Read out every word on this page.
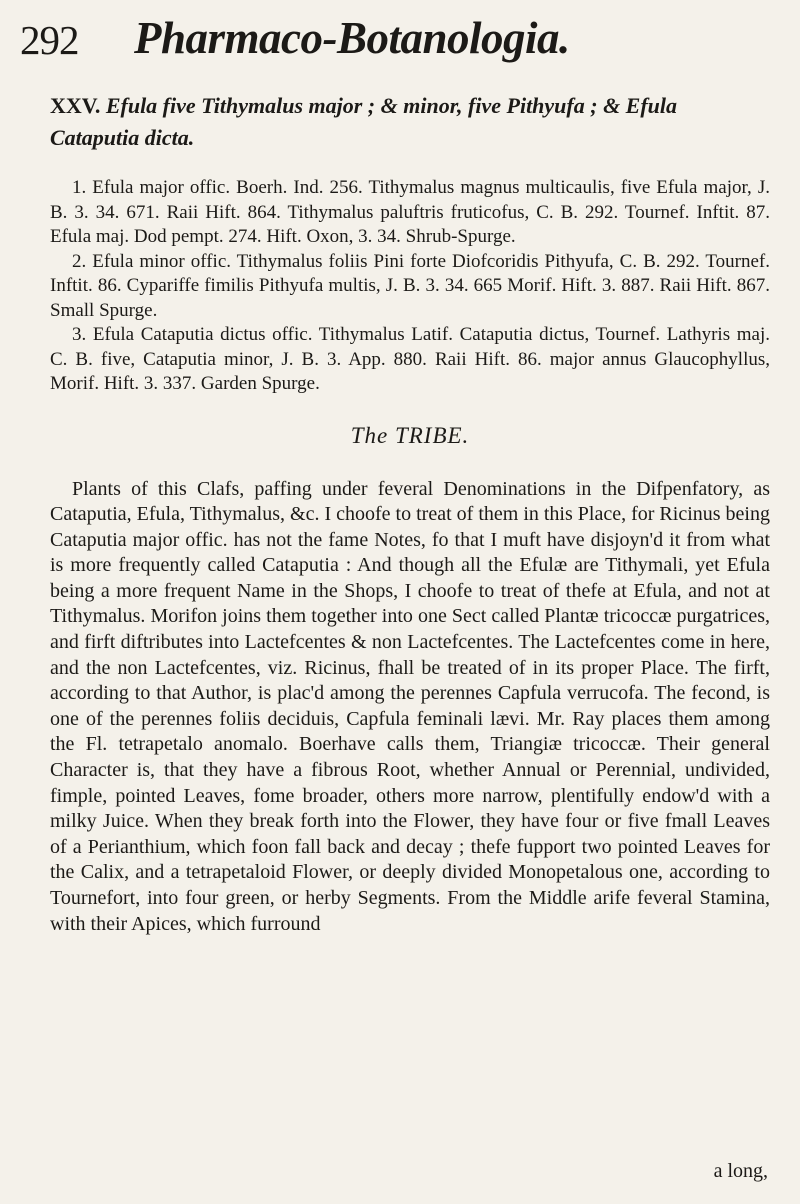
292 Pharmaco-Botanologia.

XXV. Efula five Tithymalus major ; & minor, five Pithyufa ; & Efula Cataputia dicta.

1. Efula major offic. Boerh. Ind. 256. Tithymalus magnus multicaulis, five Efula major, J. B. 3. 34. 671. Raii Hift. 864. Tithymalus paluftris fruticofus, C. B. 292. Tournef. Inftit. 87. Efula maj. Dod pempt. 274. Hift. Oxon, 3. 34. Shrub-Spurge.

2. Efula minor offic. Tithymalus foliis Pini forte Diofcoridis Pithyufa, C. B. 292. Tournef. Inftit. 86. Cypariffe fimilis Pithyufa multis, J. B. 3. 34. 665 Morif. Hift. 3. 887. Raii Hift. 867. Small Spurge.

3. Efula Cataputia dictus offic. Tithymalus Latif. Cataputia dictus, Tournef. Lathyris maj. C. B. five, Cataputia minor, J. B. 3. App. 880. Raii Hift. 86. major annus Glaucophyllus, Morif. Hift. 3. 337. Garden Spurge.

The TRIBE.

Plants of this Clafs, paffing under feveral Denominations in the Difpenfatory, as Cataputia, Efula, Tithymalus, &c. I choofe to treat of them in this Place, for Ricinus being Cataputia major offic. has not the fame Notes, fo that I muft have disjoyn'd it from what is more frequently called Cataputia : And though all the Efulæ are Tithymali, yet Efula being a more frequent Name in the Shops, I choofe to treat of thefe at Efula, and not at Tithymalus. Morifon joins them together into one Sect called Plantæ tricoccæ purgatrices, and firft diftributes into Lactefcentes & non Lactefcentes. The Lactefcentes come in here, and the non Lactefcentes, viz. Ricinus, fhall be treated of in its proper Place. The firft, according to that Author, is plac'd among the perennes Capfula verrucofa. The fecond, is one of the perennes foliis deciduis, Capfula feminali lævi. Mr. Ray places them among the Fl. tetrapetalo anomalo. Boerhave calls them, Triangiæ tricoccæ. Their general Character is, that they have a fibrous Root, whether Annual or Perennial, undivided, fimple, pointed Leaves, fome broader, others more narrow, plentifully endow'd with a milky Juice. When they break forth into the Flower, they have four or five fmall Leaves of a Perianthium, which foon fall back and decay ; thefe fupport two pointed Leaves for the Calix, and a tetrapetaloid Flower, or deeply divided Monopetalous one, according to Tournefort, into four green, or herby Segments. From the Middle arife feveral Stamina, with their Apices, which furround

a long,
